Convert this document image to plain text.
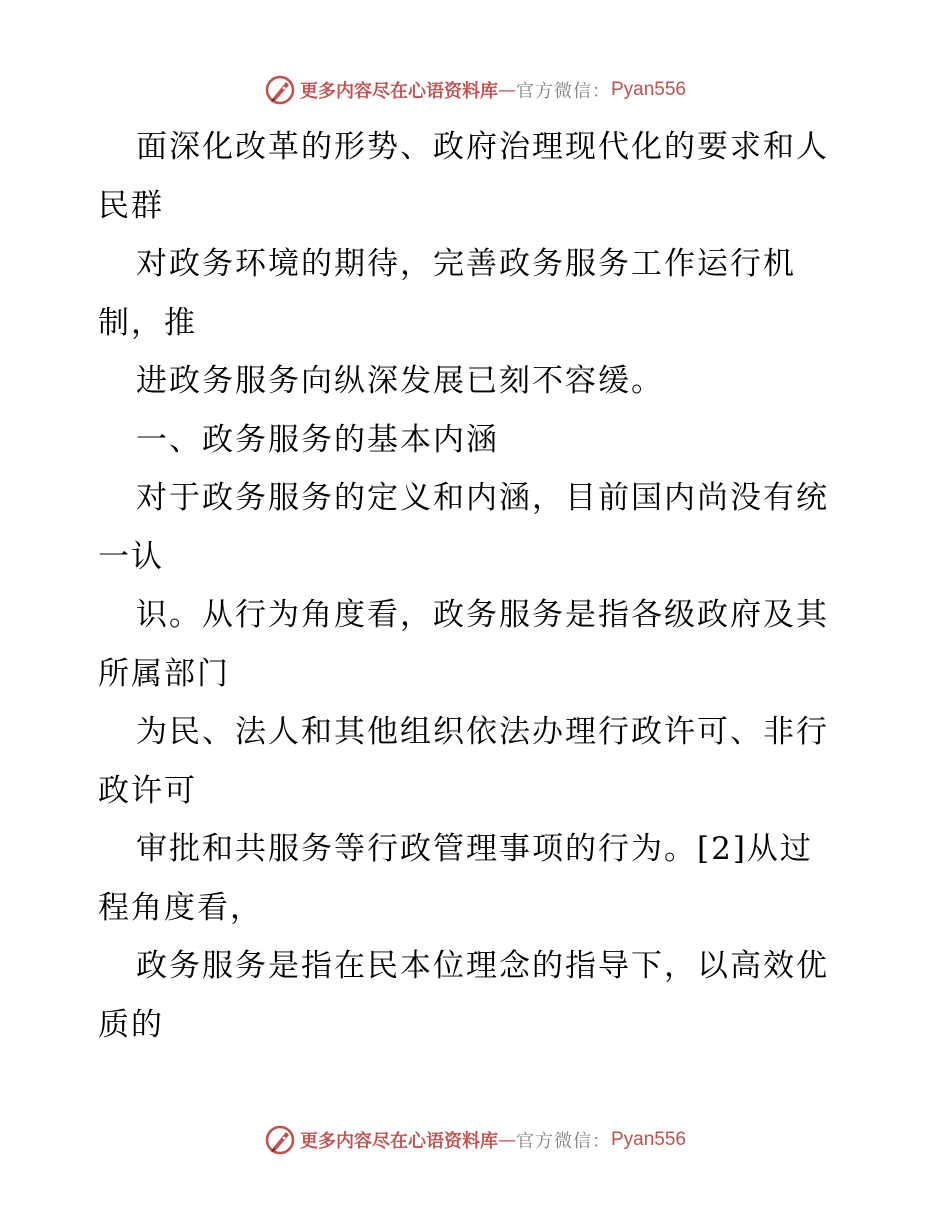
更多内容尽在心语资料库 — 官方微信： Pyan556
面深化改革的形势、政府治理现代化的要求和人
民群
对政务环境的期待，完善政务服务工作运行机
制，推
进政务服务向纵深发展已刻不容缓。
一、政务服务的基本内涵
对于政务服务的定义和内涵，目前国内尚没有统
一认
识。从行为角度看，政务服务是指各级政府及其
所属部门
为民、法人和其他组织依法办理行政许可、非行
政许可
审批和共服务等行政管理事项的行为。[2]从过
程角度看，
政务服务是指在民本位理念的指导下，以高效优
质的
更多内容尽在心语资料库 — 官方微信： Pyan556
